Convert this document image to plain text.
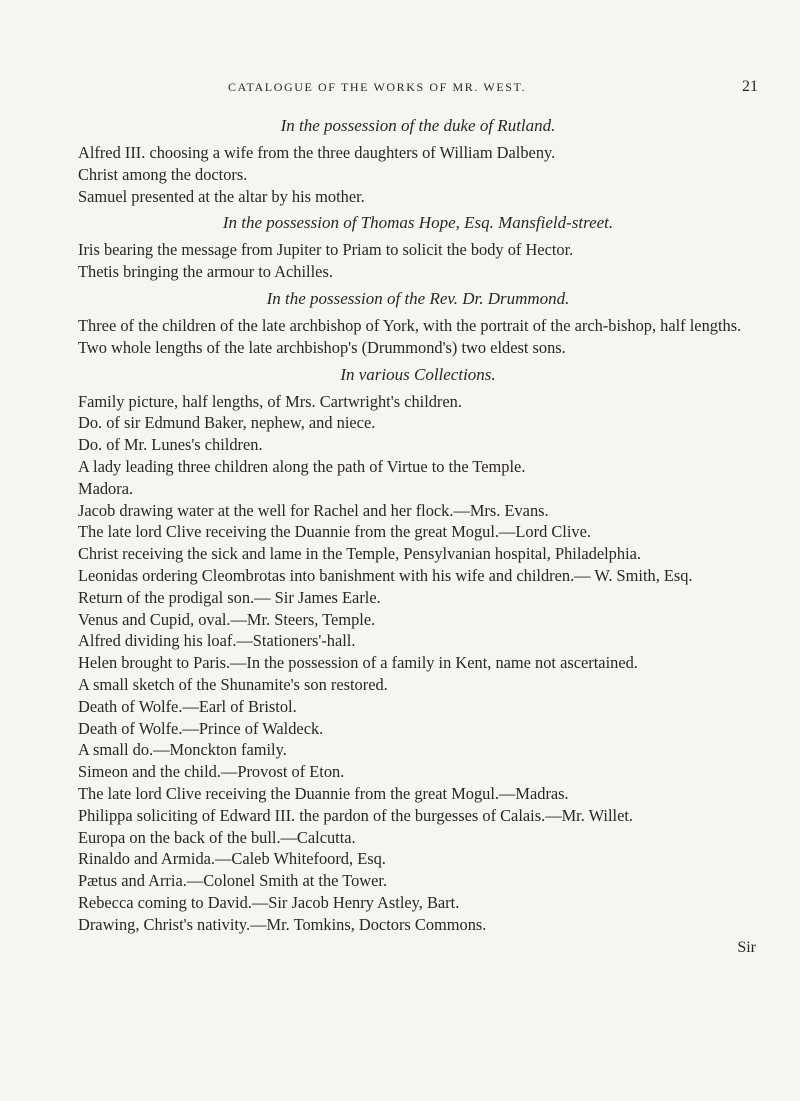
CATALOGUE OF THE WORKS OF MR. WEST.	21
In the possession of the duke of Rutland.

Alfred III. choosing a wife from the three daughters of William Dalbeny.

Christ among the doctors.

Samuel presented at the altar by his mother.

In the possession of Thomas Hope, Esq. Mansfield-street.

Iris bearing the message from Jupiter to Priam to solicit the body of Hector.

Thetis bringing the armour to Achilles.

In the possession of the Rev. Dr. Drummond.

Three of the children of the late archbishop of York, with the portrait of the arch-bishop, half lengths.

Two whole lengths of the late archbishop's (Drummond's) two eldest sons.

In various Collections.

Family picture, half lengths, of Mrs. Cartwright's children.

Do. of sir Edmund Baker, nephew, and niece.

Do. of Mr. Lunes's children.

A lady leading three children along the path of Virtue to the Temple.

Madora.

Jacob drawing water at the well for Rachel and her flock.—Mrs. Evans.

The late lord Clive receiving the Duannie from the great Mogul.—Lord Clive.

Christ receiving the sick and lame in the Temple, Pensylvanian hospital, Philadelphia.

Leonidas ordering Cleombrotas into banishment with his wife and children.— W. Smith, Esq.

Return of the prodigal son.— Sir James Earle.

Venus and Cupid, oval.—Mr. Steers, Temple.

Alfred dividing his loaf.—Stationers'-hall.

Helen brought to Paris.—In the possession of a family in Kent, name not ascertained.

A small sketch of the Shunamite's son restored.

Death of Wolfe.—Earl of Bristol.

Death of Wolfe.—Prince of Waldeck.

A small do.—Monckton family.

Simeon and the child.—Provost of Eton.

The late lord Clive receiving the Duannie from the great Mogul.—Madras.

Philippa soliciting of Edward III. the pardon of the burgesses of Calais.—Mr. Willet.

Europa on the back of the bull.—Calcutta.

Rinaldo and Armida.—Caleb Whitefoord, Esq.

Pætus and Arria.—Colonel Smith at the Tower.

Rebecca coming to David.—Sir Jacob Henry Astley, Bart.

Drawing, Christ's nativity.—Mr. Tomkins, Doctors Commons.

Sir
